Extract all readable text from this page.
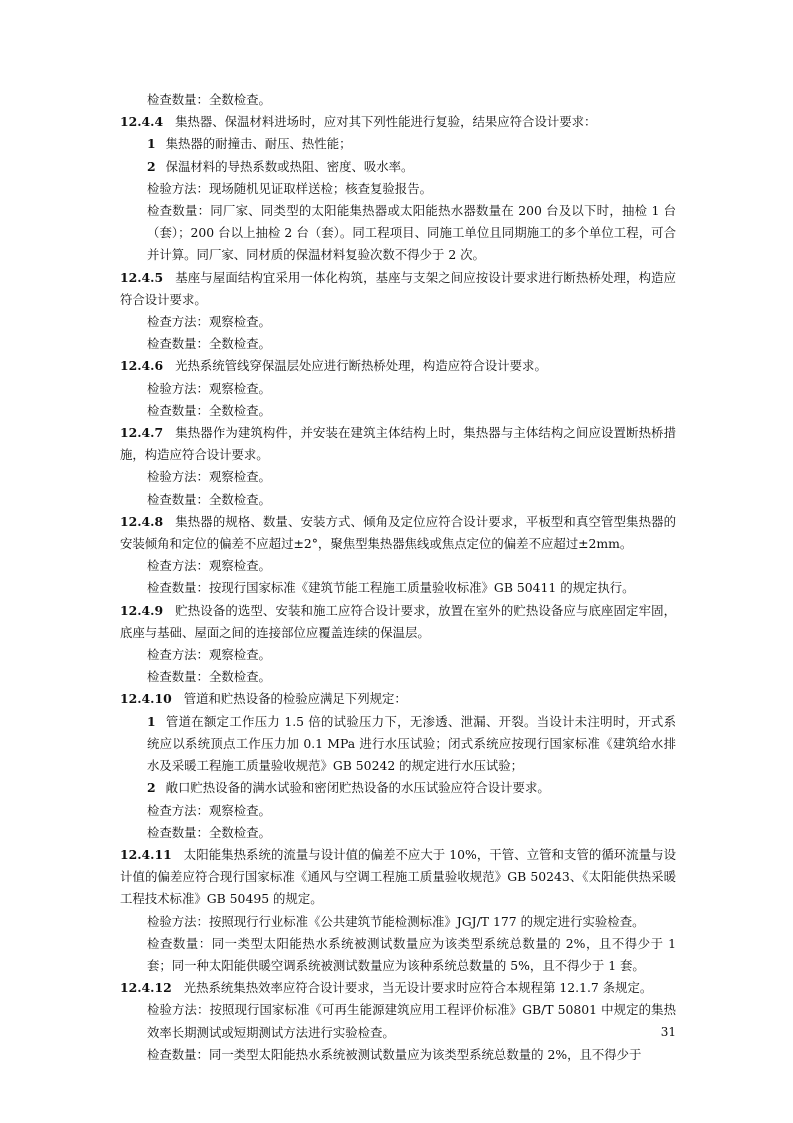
检查数量：全数检查。

12.4.4 集热器、保温材料进场时，应对其下列性能进行复验，结果应符合设计要求：

1 集热器的耐撞击、耐压、热性能；

2 保温材料的导热系数或热阻、密度、吸水率。

检验方法：现场随机见证取样送检；核查复验报告。

检查数量：同厂家、同类型的太阳能集热器或太阳能热水器数量在 200 台及以下时，抽检 1 台（套）；200 台以上抽检 2 台（套）。同工程项目、同施工单位且同期施工的多个单位工程，可合并计算。同厂家、同材质的保温材料复验次数不得少于 2 次。

12.4.5 基座与屋面结构宜采用一体化构筑，基座与支架之间应按设计要求进行断热桥处理，构造应符合设计要求。

检查方法：观察检查。

检查数量：全数检查。

12.4.6 光热系统管线穿保温层处应进行断热桥处理，构造应符合设计要求。

检验方法：观察检查。

检查数量：全数检查。

12.4.7 集热器作为建筑构件，并安装在建筑主体结构上时，集热器与主体结构之间应设置断热桥措施，构造应符合设计要求。

检验方法：观察检查。

检查数量：全数检查。

12.4.8 集热器的规格、数量、安装方式、倾角及定位应符合设计要求，平板型和真空管型集热器的安装倾角和定位的偏差不应超过±2°，聚焦型集热器焦线或焦点定位的偏差不应超过±2mm。

检查方法：观察检查。

检查数量：按现行国家标准《建筑节能工程施工质量验收标准》GB 50411 的规定执行。

12.4.9 贮热设备的选型、安装和施工应符合设计要求，放置在室外的贮热设备应与底座固定牢固，底座与基础、屋面之间的连接部位应覆盖连续的保温层。

检查方法：观察检查。

检查数量：全数检查。

12.4.10 管道和贮热设备的检验应满足下列规定：

1 管道在额定工作压力 1.5 倍的试验压力下，无渗透、泄漏、开裂。当设计未注明时，开式系统应以系统顶点工作压力加 0.1 MPa 进行水压试验；闭式系统应按现行国家标准《建筑给水排水及采暖工程施工质量验收规范》GB 50242 的规定进行水压试验；

2 敞口贮热设备的满水试验和密闭贮热设备的水压试验应符合设计要求。

检查方法：观察检查。

检查数量：全数检查。

12.4.11 太阳能集热系统的流量与设计值的偏差不应大于 10%，干管、立管和支管的循环流量与设计值的偏差应符合现行国家标准《通风与空调工程施工质量验收规范》GB 50243、《太阳能供热采暖工程技术标准》GB 50495 的规定。

检验方法：按照现行行业标准《公共建筑节能检测标准》JGJ/T 177 的规定进行实验检查。

检查数量：同一类型太阳能热水系统被测试数量应为该类型系统总数量的 2%，且不得少于 1 套；同一种太阳能供暖空调系统被测试数量应为该种系统总数量的 5%，且不得少于 1 套。

12.4.12 光热系统集热效率应符合设计要求，当无设计要求时应符合本规程第 12.1.7 条规定。

检验方法：按照现行国家标准《可再生能源建筑应用工程评价标准》GB/T 50801 中规定的集热效率长期测试或短期测试方法进行实验检查。

检查数量：同一类型太阳能热水系统被测试数量应为该类型系统总数量的 2%，且不得少于

31
